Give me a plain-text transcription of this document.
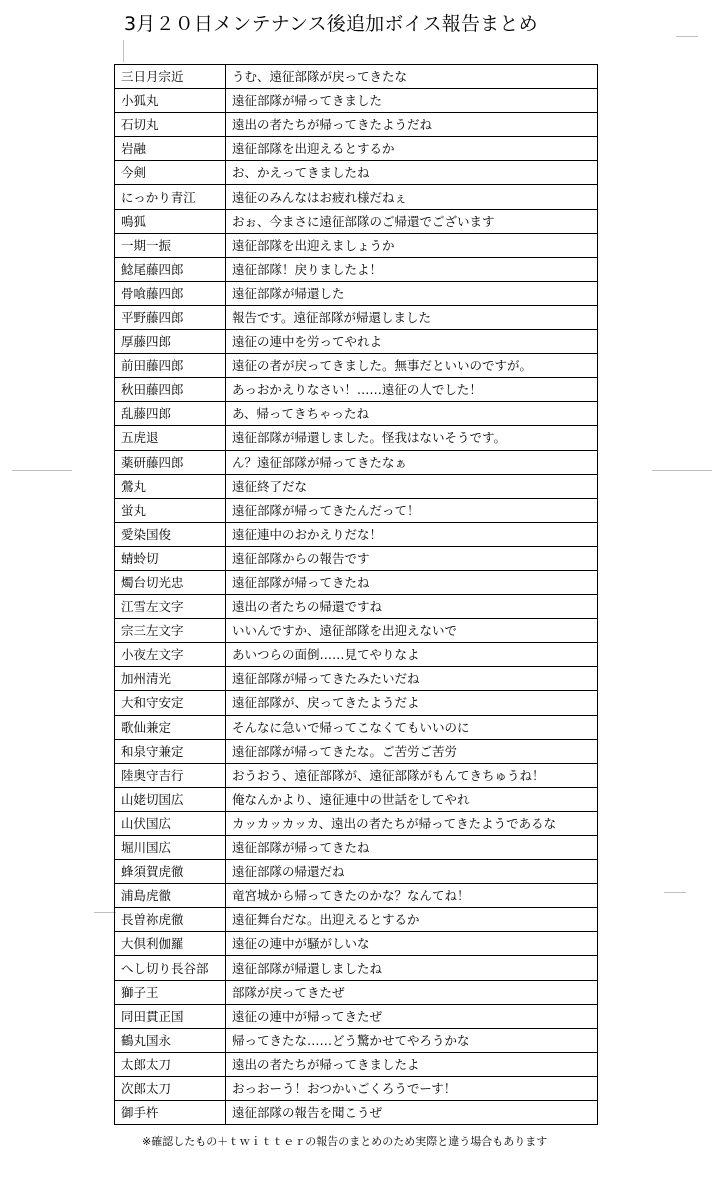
3月２０日メンテナンス後追加ボイス報告まとめ
三日月宗近	うむ、遠征部隊が戻ってきたな
小狐丸	遠征部隊が帰ってきました
石切丸	遠出の者たちが帰ってきたようだね
岩融	遠征部隊を出迎えるとするか
今剣	お、かえってきましたね
にっかり青江	遠征のみんなはお疲れ様だねぇ
鳴狐	おぉ、今まさに遠征部隊のご帰還でございます
一期一振	遠征部隊を出迎えましょうか
鯰尾藤四郎	遠征部隊！戻りましたよ！
骨喰藤四郎	遠征部隊が帰還した
平野藤四郎	報告です。遠征部隊が帰還しました
厚藤四郎	遠征の連中を労ってやれよ
前田藤四郎	遠征の者が戻ってきました。無事だといいのですが。
秋田藤四郎	あっおかえりなさい！……遠征の人でした！
乱藤四郎	あ、帰ってきちゃったね
五虎退	遠征部隊が帰還しました。怪我はないそうです。
薬研藤四郎	ん？遠征部隊が帰ってきたなぁ
鶯丸	遠征終了だな
蛍丸	遠征部隊が帰ってきたんだって！
愛染国俊	遠征連中のおかえりだな！
蜻蛉切	遠征部隊からの報告です
燭台切光忠	遠征部隊が帰ってきたね
江雪左文字	遠出の者たちの帰還ですね
宗三左文字	いいんですか、遠征部隊を出迎えないで
小夜左文字	あいつらの面倒……見てやりなよ
加州清光	遠征部隊が帰ってきたみたいだね
大和守安定	遠征部隊が、戻ってきたようだよ
歌仙兼定	そんなに急いで帰ってこなくてもいいのに
和泉守兼定	遠征部隊が帰ってきたな。ご苦労ご苦労
陸奥守吉行	おうおう、遠征部隊が、遠征部隊がもんてきちゅうね！
山姥切国広	俺なんかより、遠征連中の世話をしてやれ
山伏国広	カッカッカッカ、遠出の者たちが帰ってきたようであるな
堀川国広	遠征部隊が帰ってきたね
蜂須賀虎徹	遠征部隊の帰還だね
浦島虎徹	竜宮城から帰ってきたのかな？なんてね！
長曽祢虎徹	遠征舞台だな。出迎えるとするか
大倶利伽羅	遠征の連中が騒がしいな
へし切り長谷部	遠征部隊が帰還しましたね
獅子王	部隊が戻ってきたぜ
同田貫正国	遠征の連中が帰ってきたぜ
鶴丸国永	帰ってきたな……どう驚かせてやろうかな
太郎太刀	遠出の者たちが帰ってきましたよ
次郎太刀	おっおーう！おつかいごくろうでーす！
御手杵	遠征部隊の報告を聞こうぜ
※確認したもの＋ｔｗｉｔｔｅｒの報告のまとめのため実際と違う場合もあります
